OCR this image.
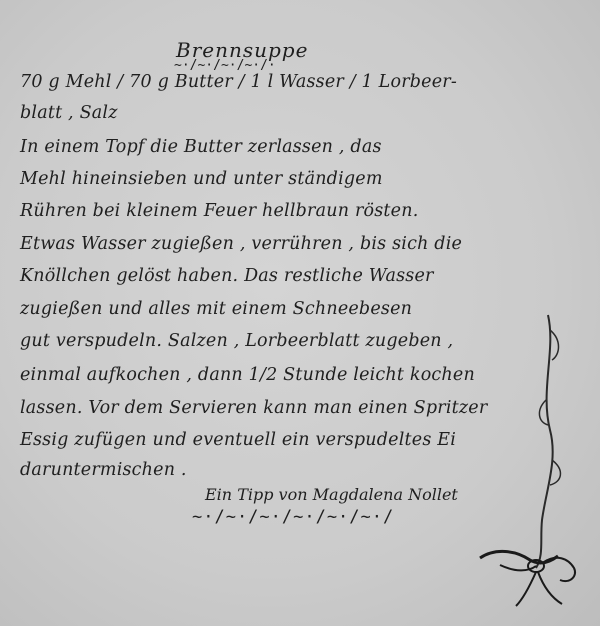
Brennsuppe
~·/~·/~·/~·/·
70 g Mehl / 70 g Butter / 1 l Wasser / 1 Lorbeer-
blatt , Salz
In einem Topf die Butter zerlassen , das
Mehl hineinsieben und unter ständigem
Rühren bei kleinem Feuer hellbraun rösten.
Etwas Wasser zugießen , verrühren , bis sich die
Knöllchen gelöst haben. Das restliche Wasser
zugießen und alles mit einem Schneebesen
gut verspudeln. Salzen , Lorbeerblatt zugeben ,
einmal aufkochen , dann 1/2 Stunde leicht kochen
lassen. Vor dem Servieren kann man einen Spritzer
Essig zufügen und eventuell ein verspudeltes Ei
daruntermischen .
Ein Tipp von Magdalena Nollet
~·/~·/~·/~·/~·/~·/
